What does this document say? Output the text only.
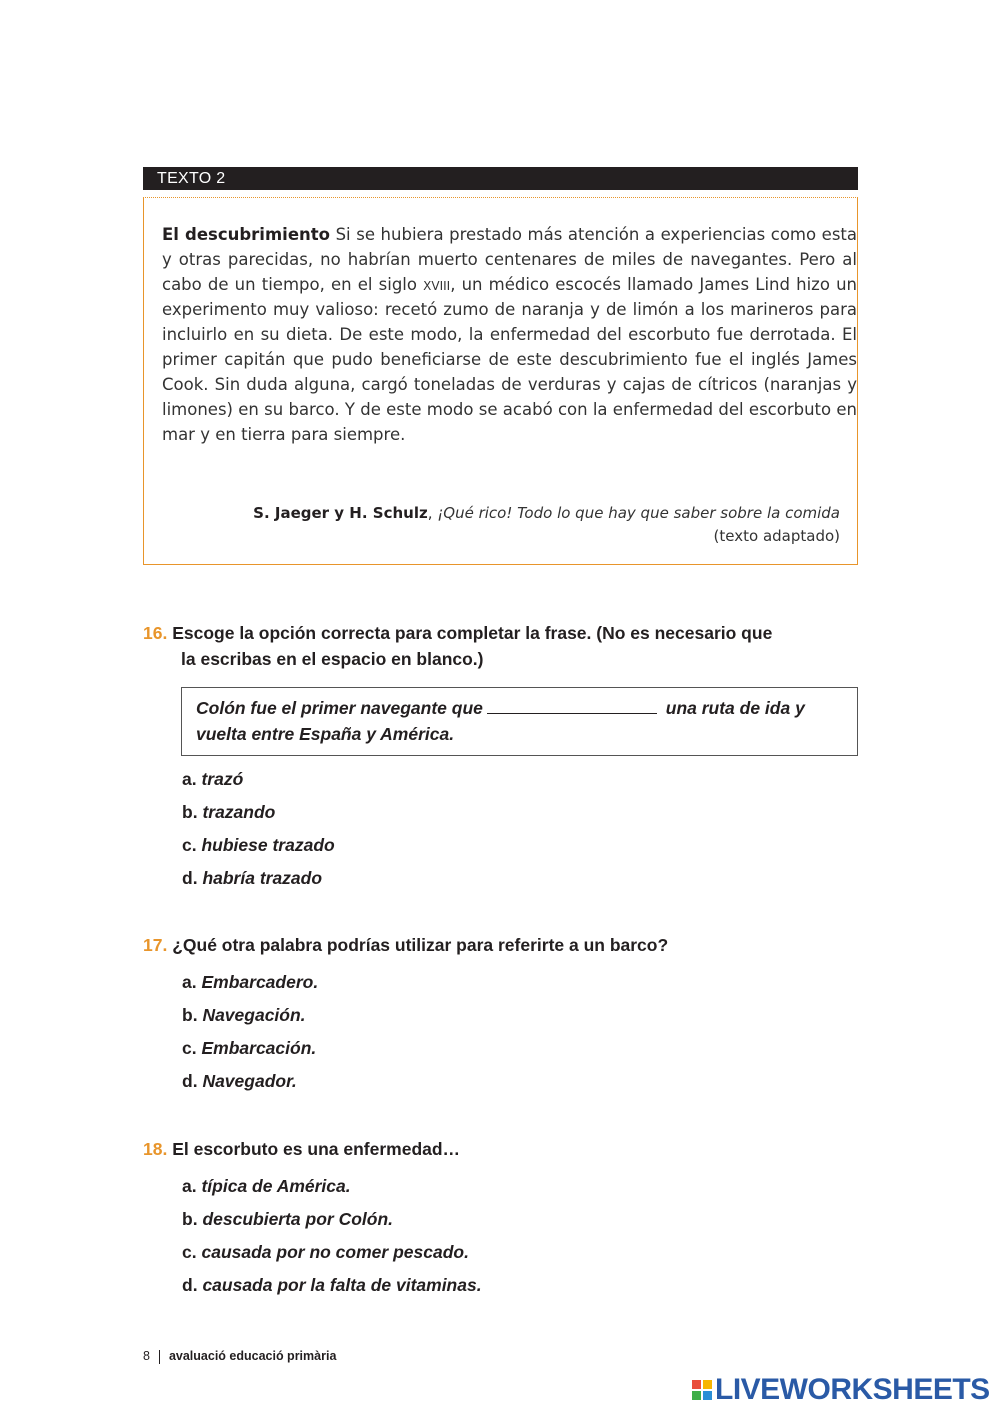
TEXTO 2
El descubrimiento Si se hubiera prestado más atención a experiencias como esta y otras parecidas, no habrían muerto centenares de miles de navegantes. Pero al cabo de un tiempo, en el siglo xviii, un médico escocés llamado James Lind hizo un experimento muy valioso: recetó zumo de naranja y de limón a los marineros para incluirlo en su dieta. De este modo, la enfermedad del escorbuto fue derrotada. El primer capitán que pudo beneficiarse de este descubrimiento fue el inglés James Cook. Sin duda alguna, cargó toneladas de verduras y cajas de cítricos (naranjas y limones) en su barco. Y de este modo se acabó con la enfermedad del escorbuto en mar y en tierra para siempre.
S. Jaeger y H. Schulz, ¡Qué rico! Todo lo que hay que saber sobre la comida
(texto adaptado)
16. Escoge la opción correcta para completar la frase. (No es necesario que
la escribas en el espacio en blanco.)
Colón fue el primer navegante que	una ruta de ida y vuelta entre España y América.
a. trazó
b. trazando
c. hubiese trazado
d. habría trazado
17. ¿Qué otra palabra podrías utilizar para referirte a un barco?
a. Embarcadero.
b. Navegación.
c. Embarcación.
d. Navegador.
18. El escorbuto es una enfermedad…
a. típica de América.
b. descubierta por Colón.
c. causada por no comer pescado.
d. causada por la falta de vitaminas.
8 avaluació educació primària
LIVEWORKSHEETS
